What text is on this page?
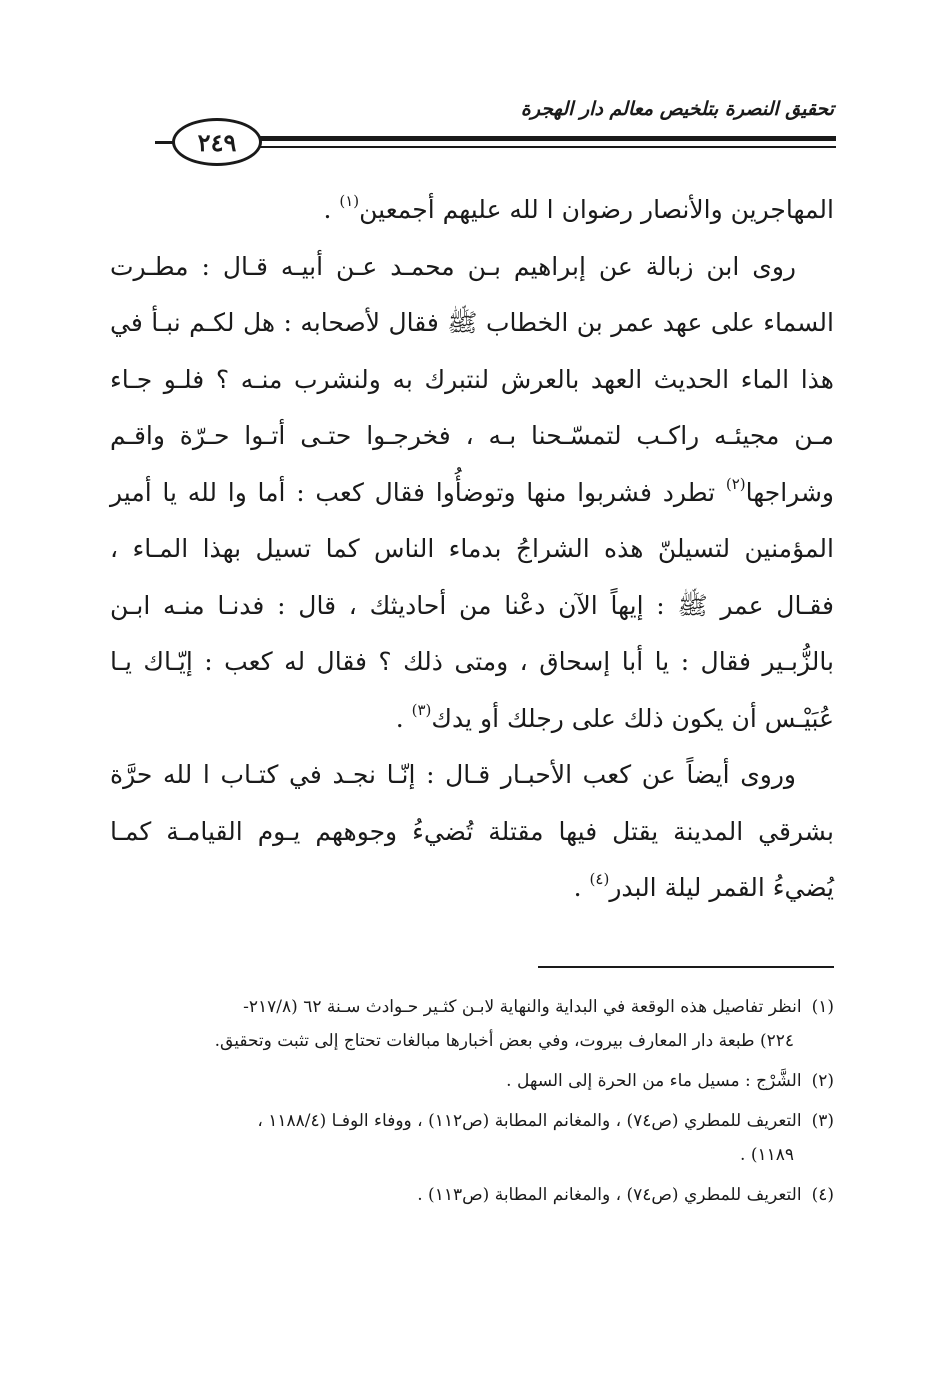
تحقيق النصرة بتلخيص معالم دار الهجرة
٢٤٩

المهاجرين والأنصار رضوان ا لله عليهم أجمعين$^{(١)}$ .

روى ابن زبالة عن إبراهيم بـن محمـد عـن أبيـه قـال : مطـرت السماء على عهد عمر بن الخطاب ﷺ فقال لأصحابه : هل لكـم نبـأ في هذا الماء الحديث العهد بالعرش لنتبرك به ولنشرب منـه ؟ فلـو جـاء مـن مجيئـه راكـب لتمسّـحنا بـه ، فخرجـوا حتـى أتـوا حـرّة واقـم وشراجها$^{(٢)}$ تطرد فشربوا منها وتوضأُوا فقال كعب : أما وا لله يا أمير المؤمنين لتسيلنّ هذه الشراجُ بدماء الناس كما تسيل بهذا المـاء ، فقـال عمر ﷺ : إيهاً الآن دعْنا من أحاديثك ، قال : فدنـا منـه ابـن بالزُّبـير فقال : يا أبا إسحاق ، ومتى ذلك ؟ فقال له كعب : إيّـاك يـا عُبَيْـس أن يكون ذلك على رجلك أو يدك$^{(٣)}$ .

وروى أيضاً عن كعب الأحبـار قـال : إنّـا نجـد في كتـاب ا لله حرَّة بشرقي المدينة يقتل فيها مقتلة تُضيءُ وجوههم يـوم القيامـة كمـا يُضيءُ القمر ليلة البدر$^{(٤)}$ .

(١)انظر تفاصيل هذه الوقعة في البداية والنهاية لابـن كثـير حـوادث سـنة ٦٢ (٢١٧/٨-
٢٢٤) طبعة دار المعارف بيروت، وفي بعض أخبارها مبالغات تحتاج إلى تثبت وتحقيق.

(٢)الشَّرْج : مسيل ماء من الحرة إلى السهل .

(٣)التعريف للمطري (ص٧٤) ، والمغانم المطابة (ص١١٢) ، ووفاء الوفـا (١١٨٨/٤ ،
١١٨٩) .

(٤)التعريف للمطري (ص٧٤) ، والمغانم المطابة (ص١١٣) .
